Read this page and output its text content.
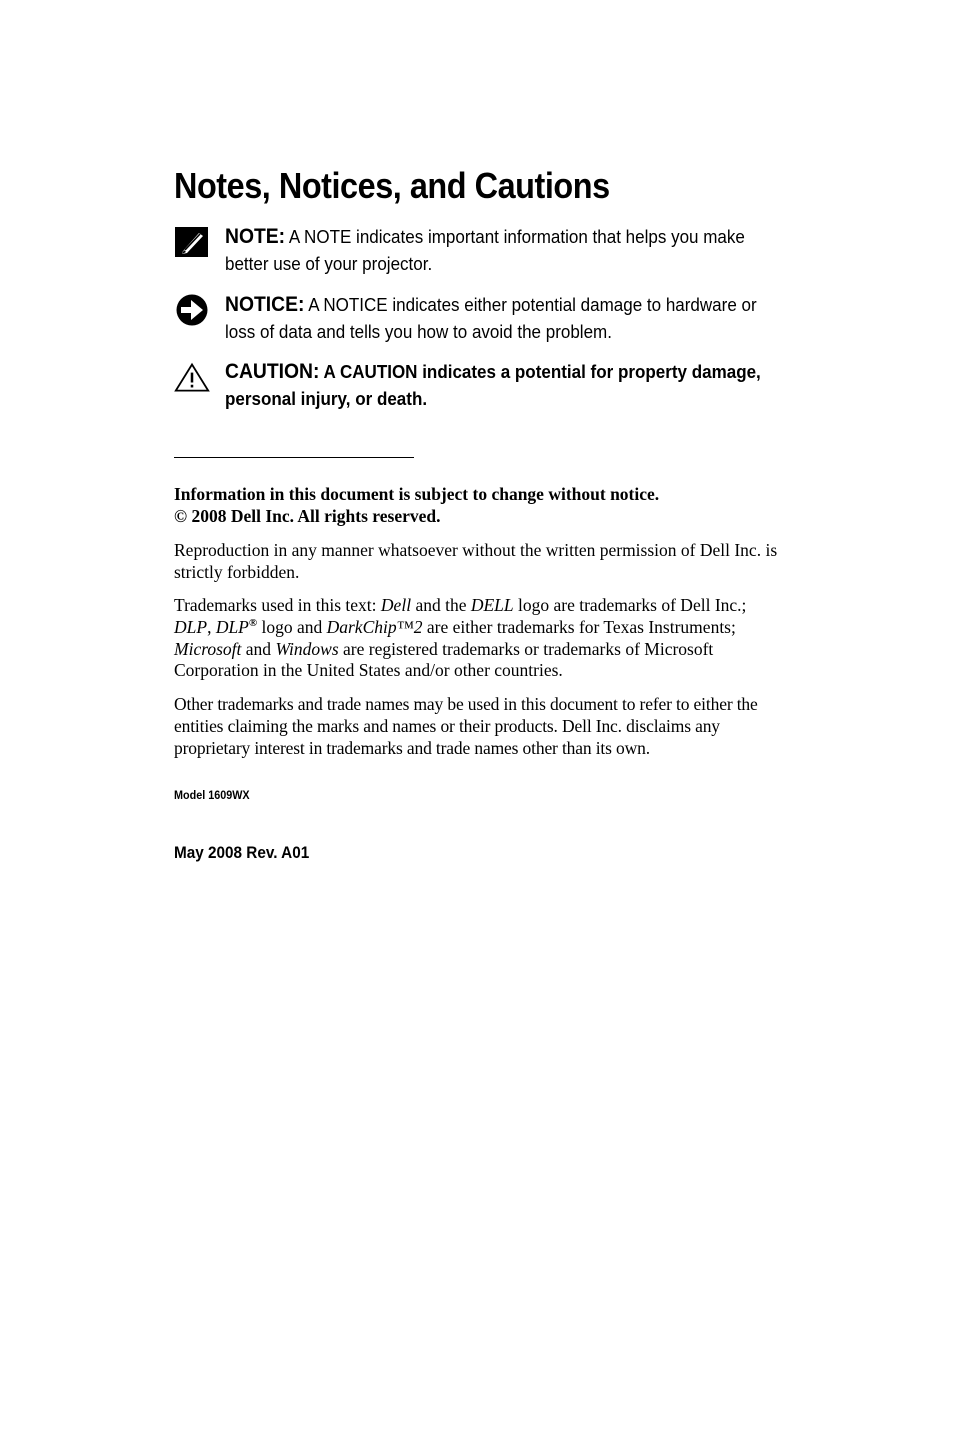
Notes, Notices, and Cautions
NOTE: A NOTE indicates important information that helps you make better use of your projector.
NOTICE: A NOTICE indicates either potential damage to hardware or loss of data and tells you how to avoid the problem.
CAUTION: A CAUTION indicates a potential for property damage, personal injury, or death.

Information in this document is subject to change without notice.
© 2008 Dell Inc. All rights reserved.

Reproduction in any manner whatsoever without the written permission of Dell Inc. is strictly forbidden.

Trademarks used in this text: Dell and the DELL logo are trademarks of Dell Inc.; DLP, DLP® logo and DarkChip™2 are either trademarks for Texas Instruments; Microsoft and Windows are registered trademarks or trademarks of Microsoft Corporation in the United States and/or other countries.

Other trademarks and trade names may be used in this document to refer to either the entities claiming the marks and names or their products. Dell Inc. disclaims any proprietary interest in trademarks and trade names other than its own.

Model 1609WX
May 2008 Rev. A01
